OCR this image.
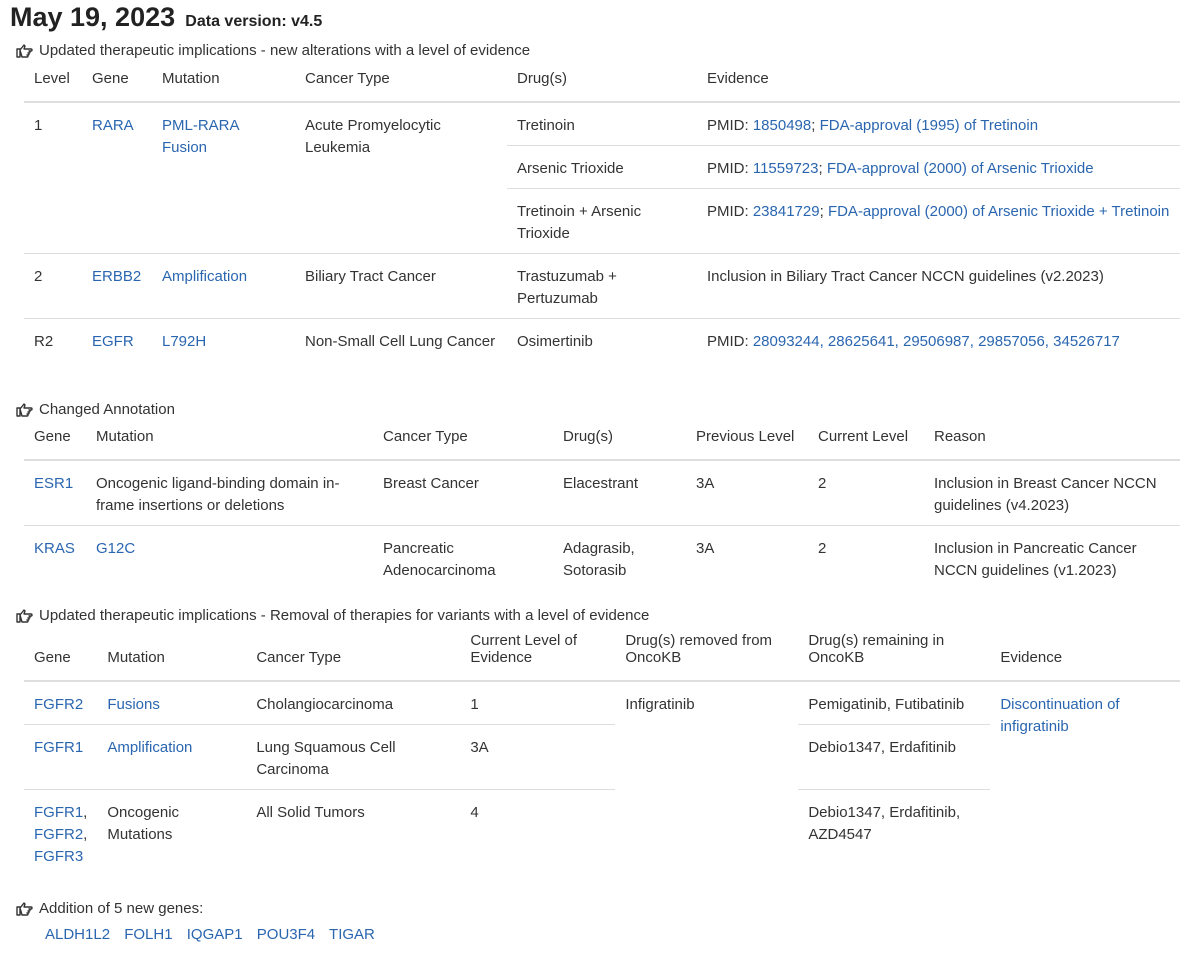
May 19, 2023 Data version: v4.5
Updated therapeutic implications - new alterations with a level of evidence
Level	Gene	Mutation	Cancer Type	Drug(s)	Evidence
1	RARA	PML-RARA Fusion	Acute Promyelocytic Leukemia	Tretinoin	PMID: 1850498; FDA-approval (1995) of Tretinoin
				Arsenic Trioxide	PMID: 11559723; FDA-approval (2000) of Arsenic Trioxide
				Tretinoin + Arsenic Trioxide	PMID: 23841729; FDA-approval (2000) of Arsenic Trioxide + Tretinoin
2	ERBB2	Amplification	Biliary Tract Cancer	Trastuzumab + Pertuzumab	Inclusion in Biliary Tract Cancer NCCN guidelines (v2.2023)
R2	EGFR	L792H	Non-Small Cell Lung Cancer	Osimertinib	PMID: 28093244, 28625641, 29506987, 29857056, 34526717
Changed Annotation
Gene	Mutation	Cancer Type	Drug(s)	Previous Level	Current Level	Reason
ESR1	Oncogenic ligand-binding domain in-frame insertions or deletions	Breast Cancer	Elacestrant	3A	2	Inclusion in Breast Cancer NCCN guidelines (v4.2023)
KRAS	G12C	Pancreatic Adenocarcinoma	Adagrasib, Sotorasib	3A	2	Inclusion in Pancreatic Cancer NCCN guidelines (v1.2023)
Updated therapeutic implications - Removal of therapies for variants with a level of evidence
Gene	Mutation	Cancer Type	Current Level of Evidence	Drug(s) removed from OncoKB	Drug(s) remaining in OncoKB	Evidence
FGFR2	Fusions	Cholangiocarcinoma	1	Infigratinib	Pemigatinib, Futibatinib	Discontinuation of infigratinib
FGFR1	Amplification	Lung Squamous Cell Carcinoma	3A		Debio1347, Erdafitinib	
FGFR1,
FGFR2,
FGFR3	Oncogenic Mutations	All Solid Tumors	4		Debio1347, Erdafitinib, AZD4547	
Addition of 5 new genes:
ALDH1L2 FOLH1 IQGAP1 POU3F4 TIGAR
